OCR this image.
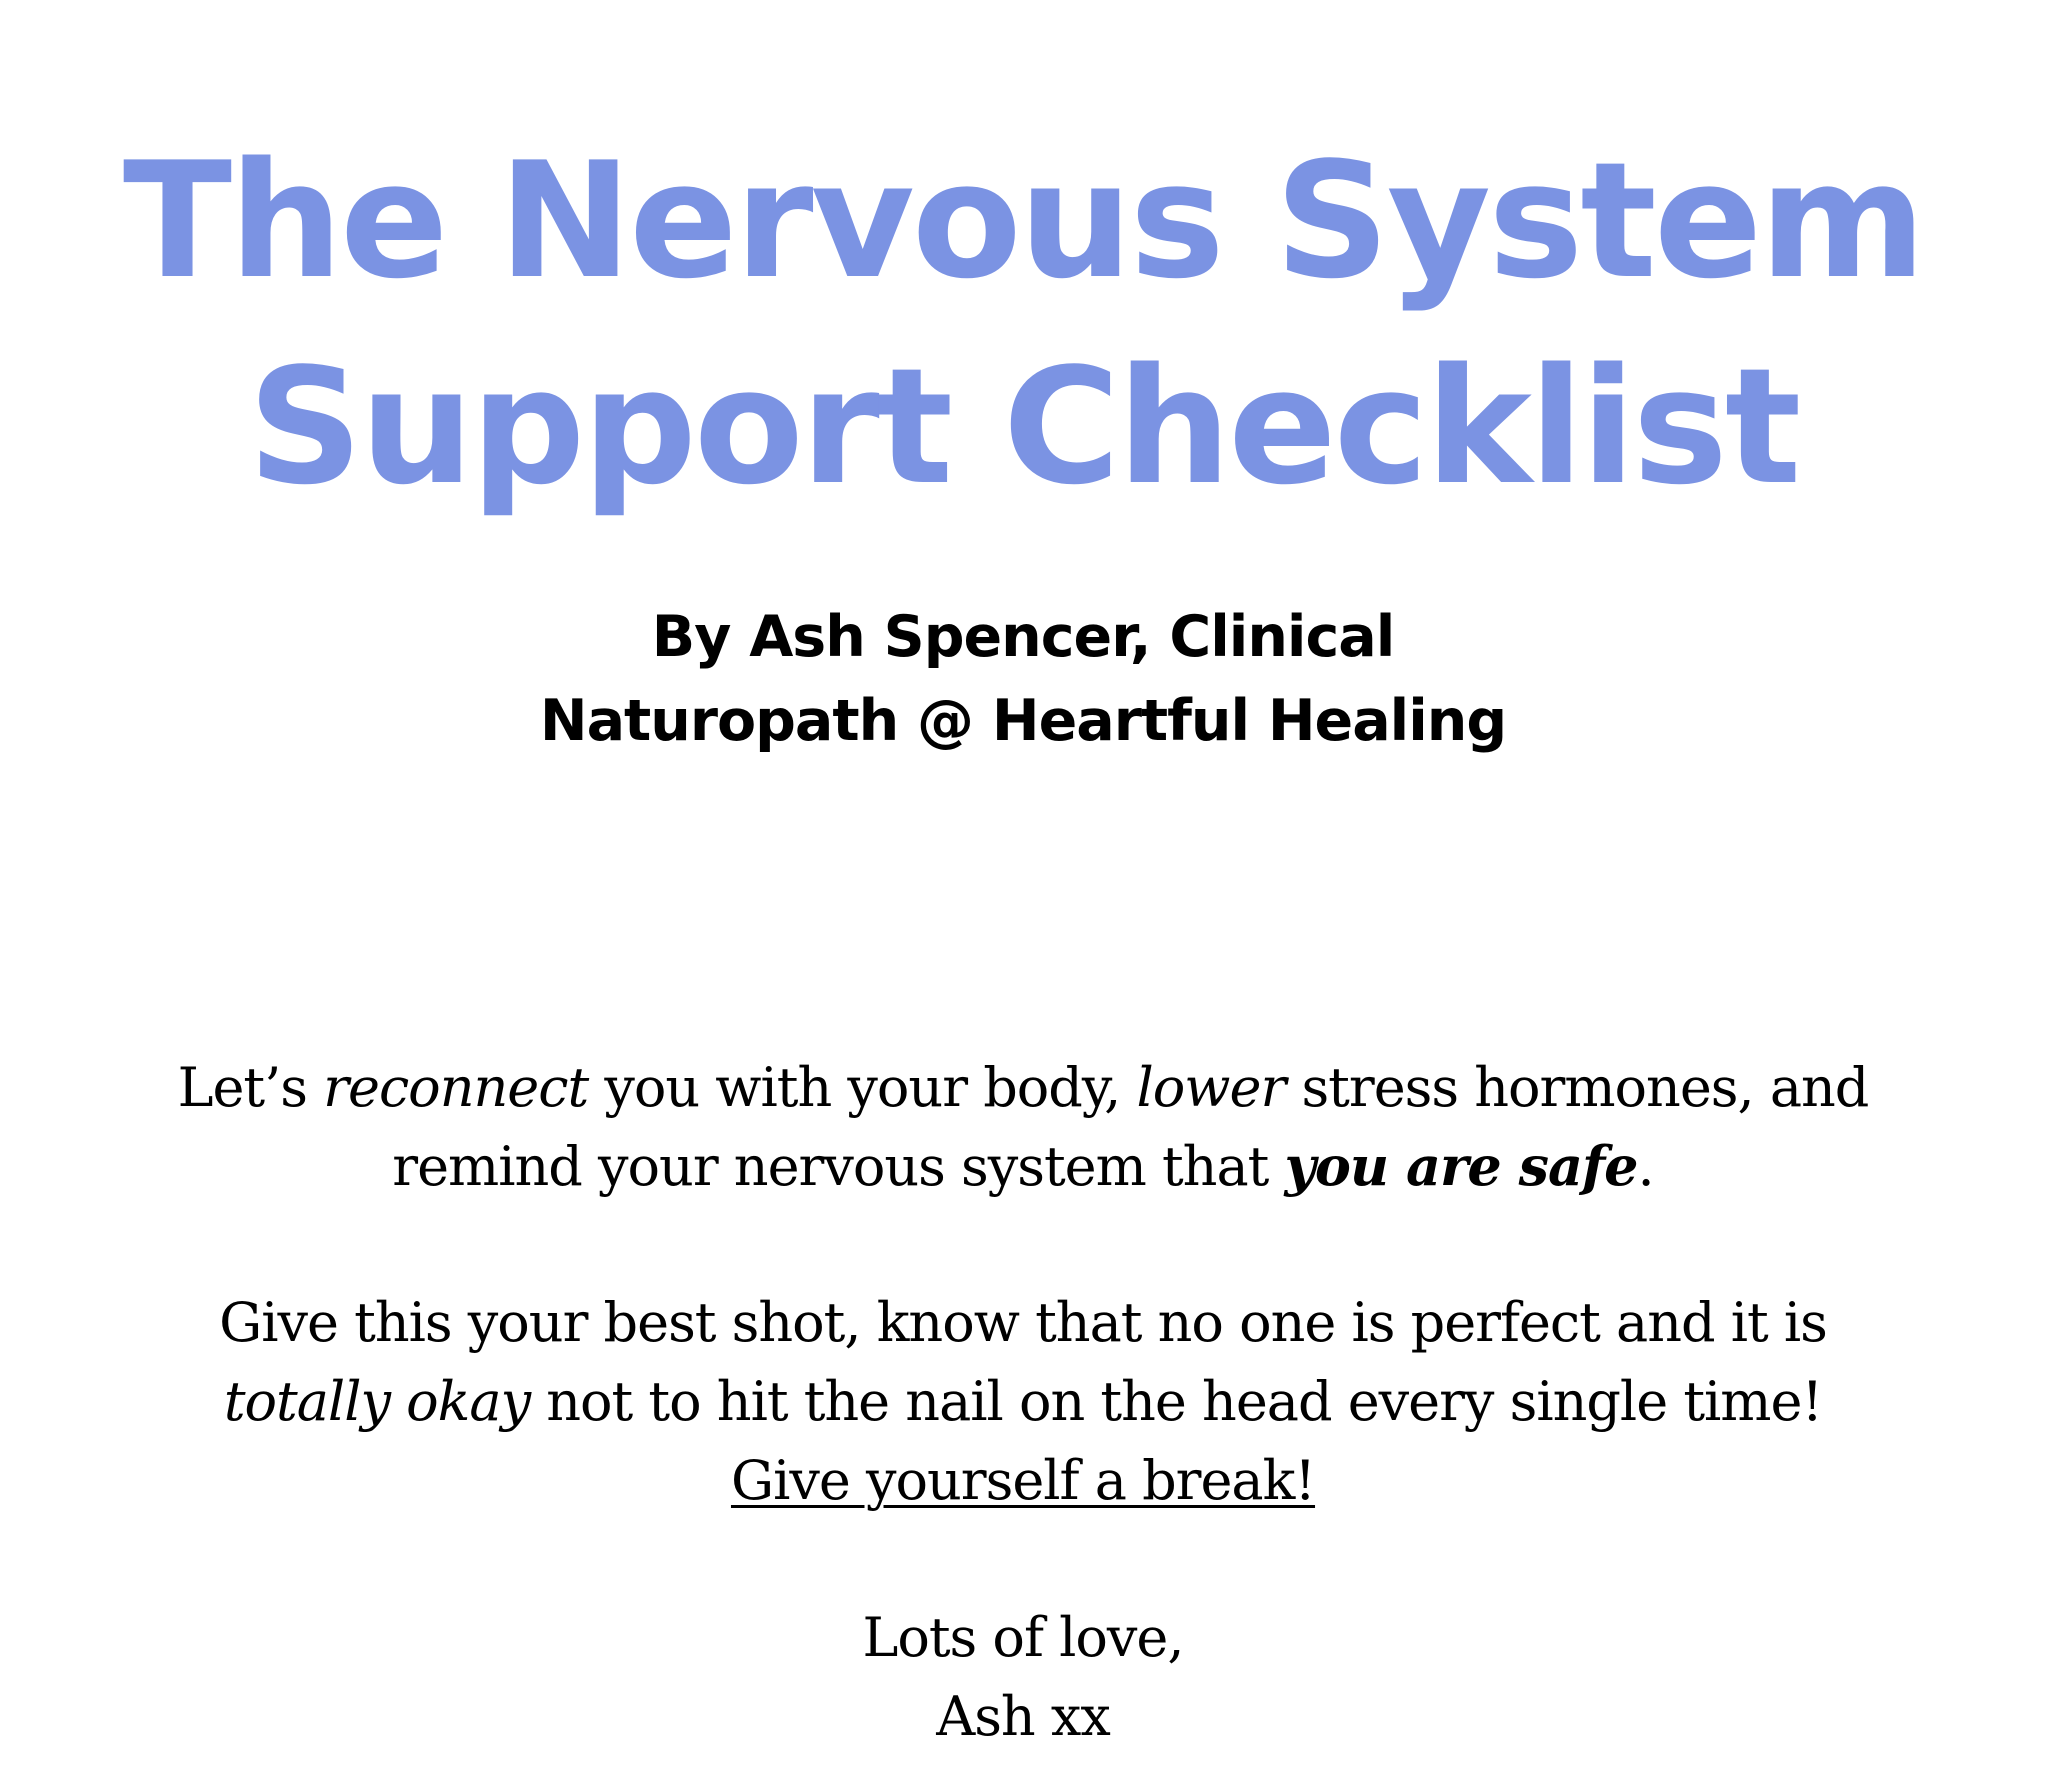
The Nervous System
Support Checklist
By Ash Spencer, Clinical
Naturopath @ Heartful Healing

Let’s reconnect you with your body, lower stress hormones, and
remind your nervous system that you are safe.

Give this your best shot, know that no one is perfect and it is
totally okay not to hit the nail on the head every single time!
Give yourself a break!

Lots of love,
Ash xx
